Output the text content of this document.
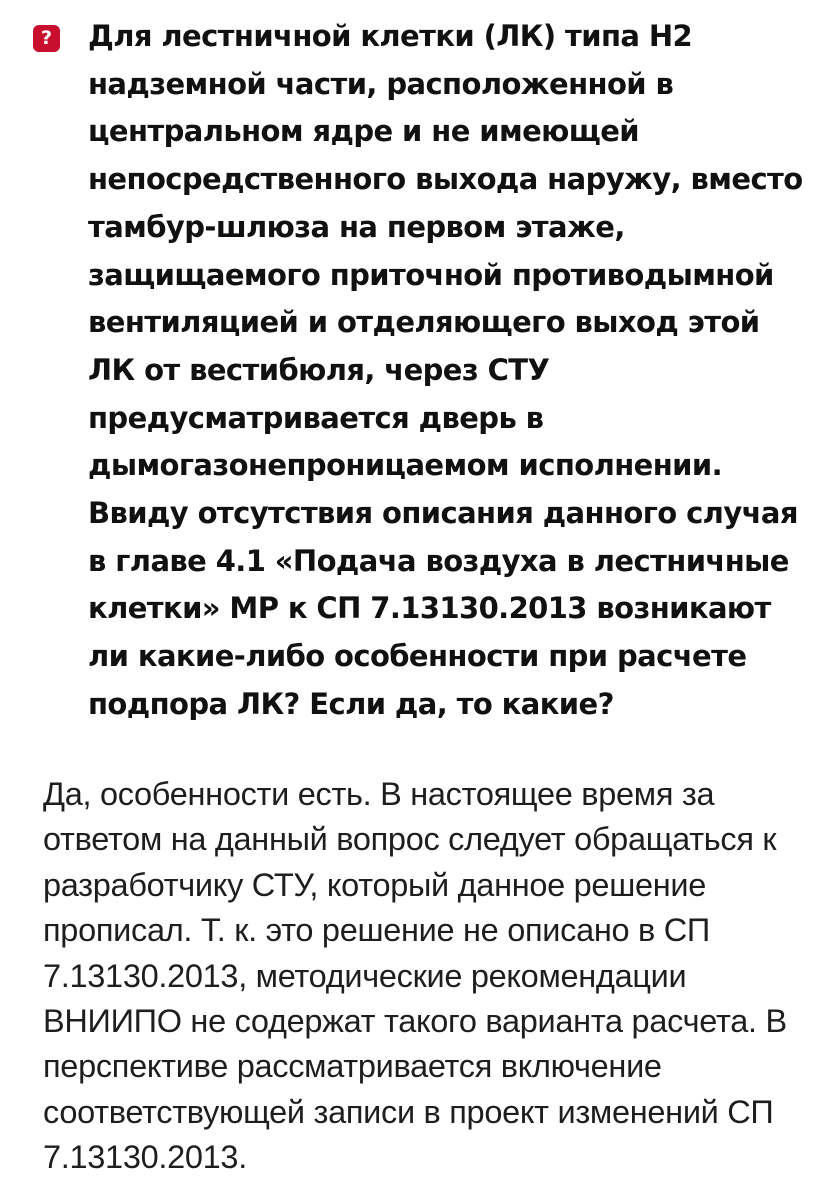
? Для лестничной клетки (ЛК) типа Н2 надземной части, расположенной в центральном ядре и не имеющей непосредственного выхода наружу, вместо тамбур-шлюза на первом этаже, защищаемого приточной противодымной вентиляцией и отделяющего выход этой ЛК от вестибюля, через СТУ предусматривается дверь в дымогазонепроницаемом исполнении. Ввиду отсутствия описания данного случая в главе 4.1 «Подача воздуха в лестничные клетки» МР к СП 7.13130.2013 возникают ли какие-либо особенности при расчете подпора ЛК? Если да, то какие?

Да, особенности есть. В настоящее время за ответом на данный вопрос следует обращаться к разработчику СТУ, который данное решение прописал. Т. к. это решение не описано в СП 7.13130.2013, методические рекомендации ВНИИПО не содержат такого варианта расчета. В перспективе рассматривается включение соответствующей записи в проект изменений СП 7.13130.2013.
